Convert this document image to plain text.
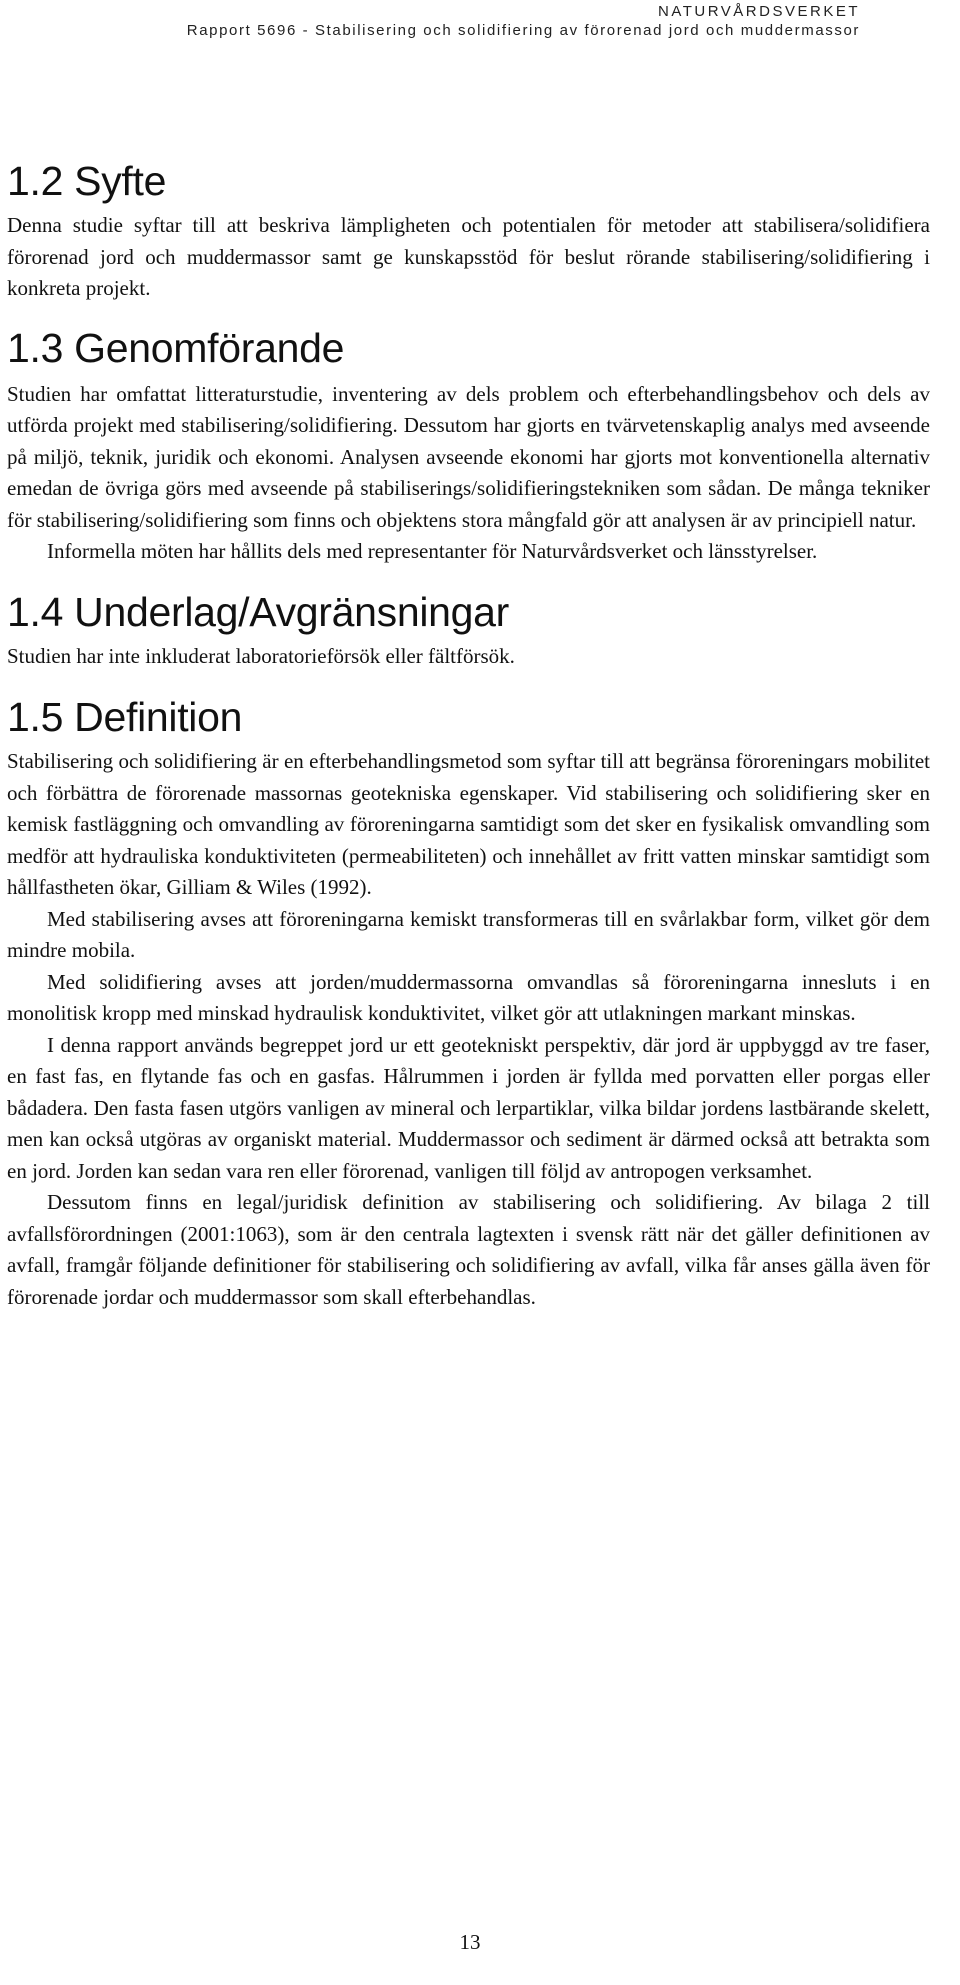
NATURVÅRDSVERKET
Rapport 5696 - Stabilisering och solidifiering av förorenad jord och muddermassor
1.2 Syfte

Denna studie syftar till att beskriva lämpligheten och potentialen för metoder att stabilisera/solidifiera förorenad jord och muddermassor samt ge kunskapsstöd för beslut rörande stabilisering/solidifiering i konkreta projekt.

1.3 Genomförande

Studien har omfattat litteraturstudie, inventering av dels problem och efterbehandlingsbehov och dels av utförda projekt med stabilisering/solidifiering. Dessutom har gjorts en tvärvetenskaplig analys med avseende på miljö, teknik, juridik och ekonomi. Analysen avseende ekonomi har gjorts mot konventionella alternativ emedan de övriga görs med avseende på stabiliserings/solidifieringstekniken som sådan. De många tekniker för stabilisering/solidifiering som finns och objektens stora mångfald gör att analysen är av principiell natur.

Informella möten har hållits dels med representanter för Naturvårdsverket och länsstyrelser.

1.4 Underlag/Avgränsningar

Studien har inte inkluderat laboratorieförsök eller fältförsök.

1.5 Definition

Stabilisering och solidifiering är en efterbehandlingsmetod som syftar till att begränsa föroreningars mobilitet och förbättra de förorenade massornas geotekniska egenskaper. Vid stabilisering och solidifiering sker en kemisk fastläggning och omvandling av föroreningarna samtidigt som det sker en fysikalisk omvandling som medför att hydrauliska konduktiviteten (permeabiliteten) och innehållet av fritt vatten minskar samtidigt som hållfastheten ökar, Gilliam & Wiles (1992).

Med stabilisering avses att föroreningarna kemiskt transformeras till en svårlakbar form, vilket gör dem mindre mobila.

Med solidifiering avses att jorden/muddermassorna omvandlas så förоreningarna innesluts i en monolitisk kropp med minskad hydraulisk konduktivitet, vilket gör att utlakningen markant minskas.

I denna rapport används begreppet jord ur ett geotekniskt perspektiv, där jord är uppbyggd av tre faser, en fast fas, en flytande fas och en gasfas. Hålrummen i jorden är fyllda med porvatten eller porgas eller bådadera. Den fasta fasen utgörs vanligen av mineral och lerpartiklar, vilka bildar jordens lastbärande skelett, men kan också utgöras av organiskt material. Muddermassor och sediment är därmed också att betrakta som en jord. Jorden kan sedan vara ren eller förorenad, vanligen till följd av antropogen verksamhet.

Dessutom finns en legal/juridisk definition av stabilisering och solidifiering. Av bilaga 2 till avfallsförordningen (2001:1063), som är den centrala lagtexten i svensk rätt när det gäller definitionen av avfall, framgår följande definitioner för stabilisering och solidifiering av avfall, vilka får anses gälla även för förorenade jordar och muddermassor som skall efterbehandlas.

13
